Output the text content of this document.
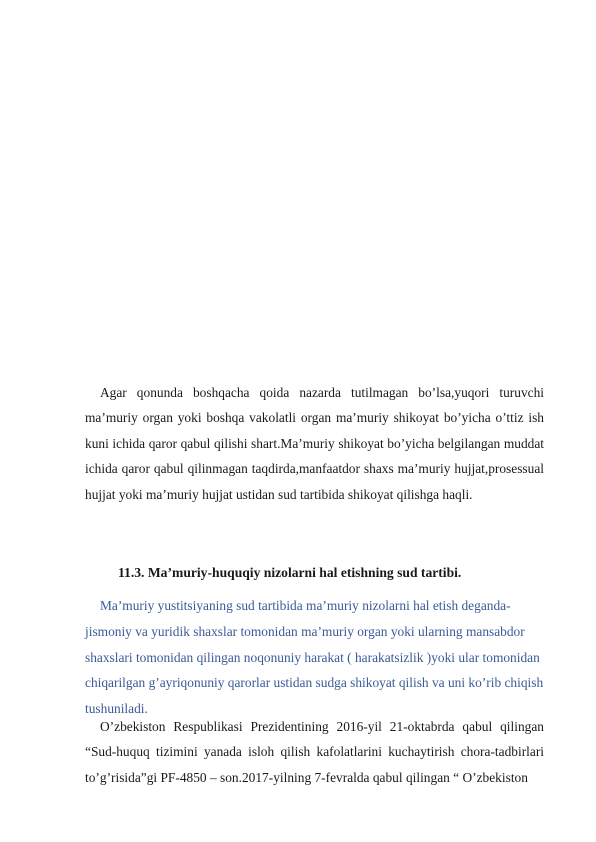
Agar qonunda boshqacha qoida nazarda tutilmagan bo’lsa,yuqori turuvchi ma’muriy organ yoki boshqa vakolatli organ ma’muriy shikoyat bo’yicha o’ttiz ish kuni ichida qaror qabul qilishi shart.Ma’muriy shikoyat bo’yicha belgilangan muddat ichida qaror qabul qilinmagan taqdirda,manfaatdor shaxs ma’muriy hujjat,prosessual hujjat yoki ma’muriy hujjat ustidan sud tartibida shikoyat qilishga haqli.

11.3. Ma’muriy-huquqiy nizolarni hal etishning sud tartibi.

Ma’muriy yustitsiyaning sud tartibida ma’muriy nizolarni hal etish deganda-jismoniy va yuridik shaxslar tomonidan ma’muriy organ yoki ularning mansabdor shaxslari tomonidan qilingan noqonuniy harakat ( harakatsizlik )yoki ular tomonidan chiqarilgan g’ayriqonuniy qarorlar ustidan sudga shikoyat qilish va uni ko’rib chiqish tushuniladi.

O’zbekiston Respublikasi Prezidentining 2016-yil 21-oktabrda qabul qilingan “Sud-huquq tizimini yanada isloh qilish kafolatlarini kuchaytirish chora-tadbirlari to’g’risida”gi PF-4850 – son.2017-yilning 7-fevralda qabul qilingan “ O’zbekiston
